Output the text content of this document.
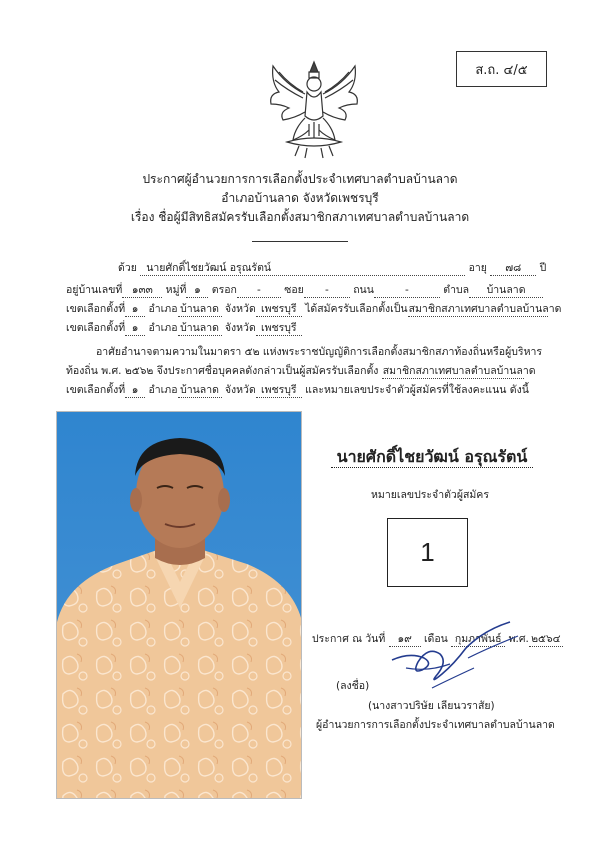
ส.ถ. ๔/๕
ประกาศผู้อำนวยการการเลือกตั้งประจำเทศบาลตำบลบ้านลาด
อำเภอบ้านลาด จังหวัดเพชรบุรี
เรื่อง ชื่อผู้มีสิทธิสมัครรับเลือกตั้งสมาชิกสภาเทศบาลตำบลบ้านลาด
ด้วย นายศักดิ์ไชยวัฒน์ อรุณรัตน์	อายุ ๗๘ ปี
อยู่บ้านเลขที่ ๑๓๓ หมู่ที่ ๑ ตรอก - ซอย - ถนน	-	ตำบล บ้านลาด
เขตเลือกตั้งที่ ๑ อำเภอ บ้านลาด จังหวัด เพชรบุรี ได้สมัครรับเลือกตั้งเป็นสมาชิกสภาเทศบาลตำบลบ้านลาด
เขตเลือกตั้งที่ ๑ อำเภอ บ้านลาด จังหวัด เพชรบุรี
อาศัยอำนาจตามความในมาตรา ๕๒ แห่งพระราชบัญญัติการเลือกตั้งสมาชิกสภาท้องถิ่นหรือผู้บริหาร
ท้องถิ่น พ.ศ. ๒๕๖๒ จึงประกาศชื่อบุคคลดังกล่าวเป็นผู้สมัครรับเลือกตั้ง สมาชิกสภาเทศบาลตำบลบ้านลาด
เขตเลือกตั้งที่ ๑ อำเภอ บ้านลาด จังหวัด เพชรบุรี และหมายเลขประจำตัวผู้สมัครที่ใช้ลงคะแนน ดังนี้
นายศักดิ์ไชยวัฒน์ อรุณรัตน์
หมายเลขประจำตัวผู้สมัคร
1
ประกาศ ณ วันที่ ๑๙ เดือน กุมภาพันธ์ พ.ศ. ๒๕๖๔
(ลงชื่อ)
(นางสาวปริษัย เลียนวราสัย)
ผู้อำนวยการการเลือกตั้งประจำเทศบาลตำบลบ้านลาด
